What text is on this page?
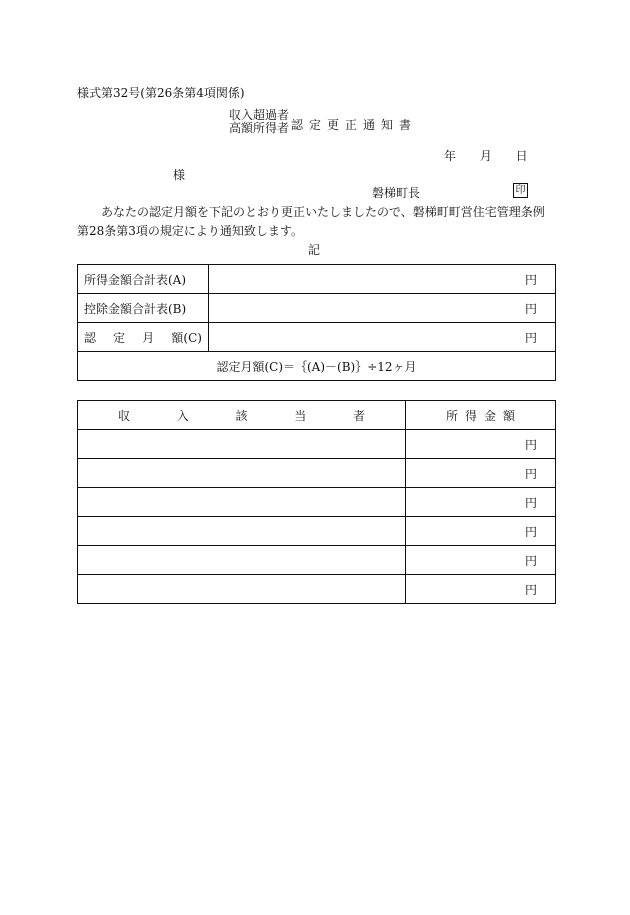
様式第32号(第26条第4項関係)
収入超過者
高額所得者 認定更正通知書
年 月 日
様
磐梯町長	印
あなたの認定月額を下記のとおり更正いたしましたので、磐梯町町営住宅管理条例第28条第3項の規定により通知致します。
記
所得金額合計表(A)	円
控除金額合計表(B)	円

認 定 月 額(C)	円
認定月額(C)＝｛(A)－(B)｝÷12ヶ月	
収 入 該 当 者	所 得 金 額

	円
	円
	円
	円
	円
	円
